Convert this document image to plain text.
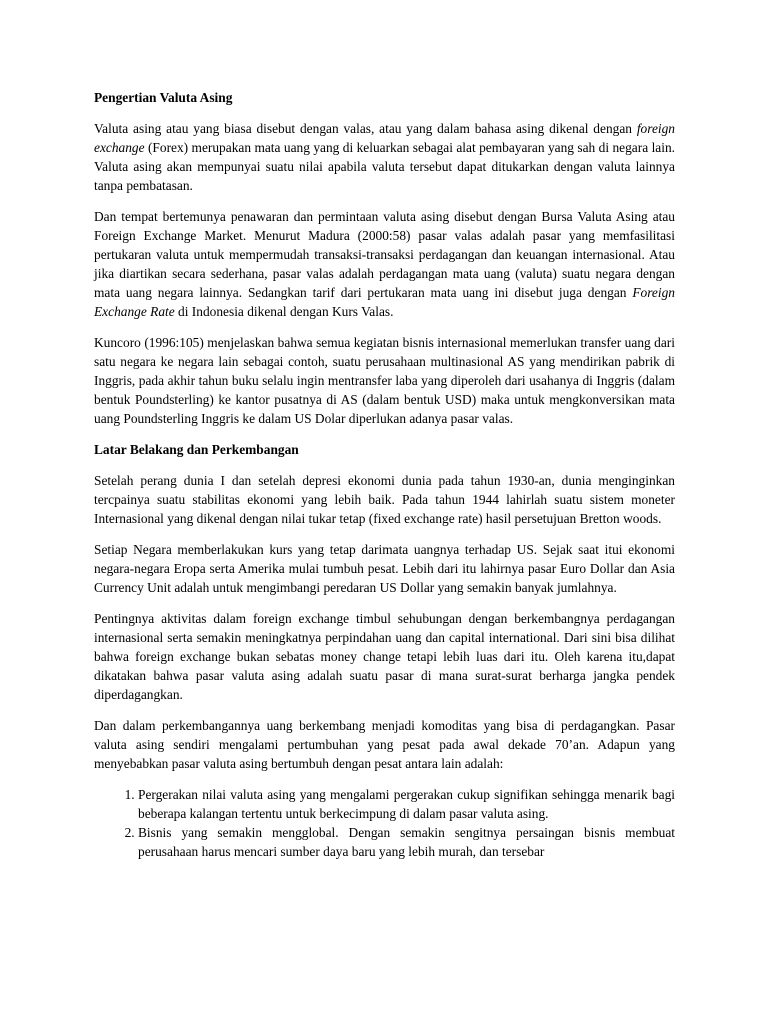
Pengertian Valuta Asing

Valuta asing atau yang biasa disebut dengan valas, atau yang dalam bahasa asing dikenal dengan foreign exchange (Forex) merupakan mata uang yang di keluarkan sebagai alat pembayaran yang sah di negara lain. Valuta asing akan mempunyai suatu nilai apabila valuta tersebut dapat ditukarkan dengan valuta lainnya tanpa pembatasan.

Dan tempat bertemunya penawaran dan permintaan valuta asing disebut dengan Bursa Valuta Asing atau Foreign Exchange Market. Menurut Madura (2000:58) pasar valas adalah pasar yang memfasilitasi pertukaran valuta untuk mempermudah transaksi-transaksi perdagangan dan keuangan internasional. Atau jika diartikan secara sederhana, pasar valas adalah perdagangan mata uang (valuta) suatu negara dengan mata uang negara lainnya. Sedangkan tarif dari pertukaran mata uang ini disebut juga dengan Foreign Exchange Rate di Indonesia dikenal dengan Kurs Valas.

Kuncoro (1996:105) menjelaskan bahwa semua kegiatan bisnis internasional memerlukan transfer uang dari satu negara ke negara lain sebagai contoh, suatu perusahaan multinasional AS yang mendirikan pabrik di Inggris, pada akhir tahun buku selalu ingin mentransfer laba yang diperoleh dari usahanya di Inggris (dalam bentuk Poundsterling) ke kantor pusatnya di AS (dalam bentuk USD) maka untuk mengkonversikan mata uang Poundsterling Inggris ke dalam US Dolar diperlukan adanya pasar valas.

Latar Belakang dan Perkembangan

Setelah perang dunia I dan setelah depresi ekonomi dunia pada tahun 1930-an, dunia menginginkan tercpainya suatu stabilitas ekonomi yang lebih baik. Pada tahun 1944 lahirlah suatu sistem moneter Internasional yang dikenal dengan nilai tukar tetap (fixed exchange rate) hasil persetujuan Bretton woods.

Setiap Negara memberlakukan kurs yang tetap darimata uangnya terhadap US. Sejak saat itui ekonomi negara-negara Eropa serta Amerika mulai tumbuh pesat. Lebih dari itu lahirnya pasar Euro Dollar dan Asia Currency Unit adalah untuk mengimbangi peredaran US Dollar yang semakin banyak jumlahnya.

Pentingnya aktivitas dalam foreign exchange timbul sehubungan dengan berkembangnya perdagangan internasional serta semakin meningkatnya perpindahan uang dan capital international. Dari sini bisa dilihat bahwa foreign exchange bukan sebatas money change tetapi lebih luas dari itu. Oleh karena itu,dapat dikatakan bahwa pasar valuta asing adalah suatu pasar di mana surat-surat berharga jangka pendek diperdagangkan.

Dan dalam perkembangannya uang berkembang menjadi komoditas yang bisa di perdagangkan. Pasar valuta asing sendiri mengalami pertumbuhan yang pesat pada awal dekade 70’an. Adapun yang menyebabkan pasar valuta asing bertumbuh dengan pesat antara lain adalah:

1. Pergerakan nilai valuta asing yang mengalami pergerakan cukup signifikan sehingga menarik bagi beberapa kalangan tertentu untuk berkecimpung di dalam pasar valuta asing.
2. Bisnis yang semakin mengglobal. Dengan semakin sengitnya persaingan bisnis membuat perusahaan harus mencari sumber daya baru yang lebih murah, dan tersebar
